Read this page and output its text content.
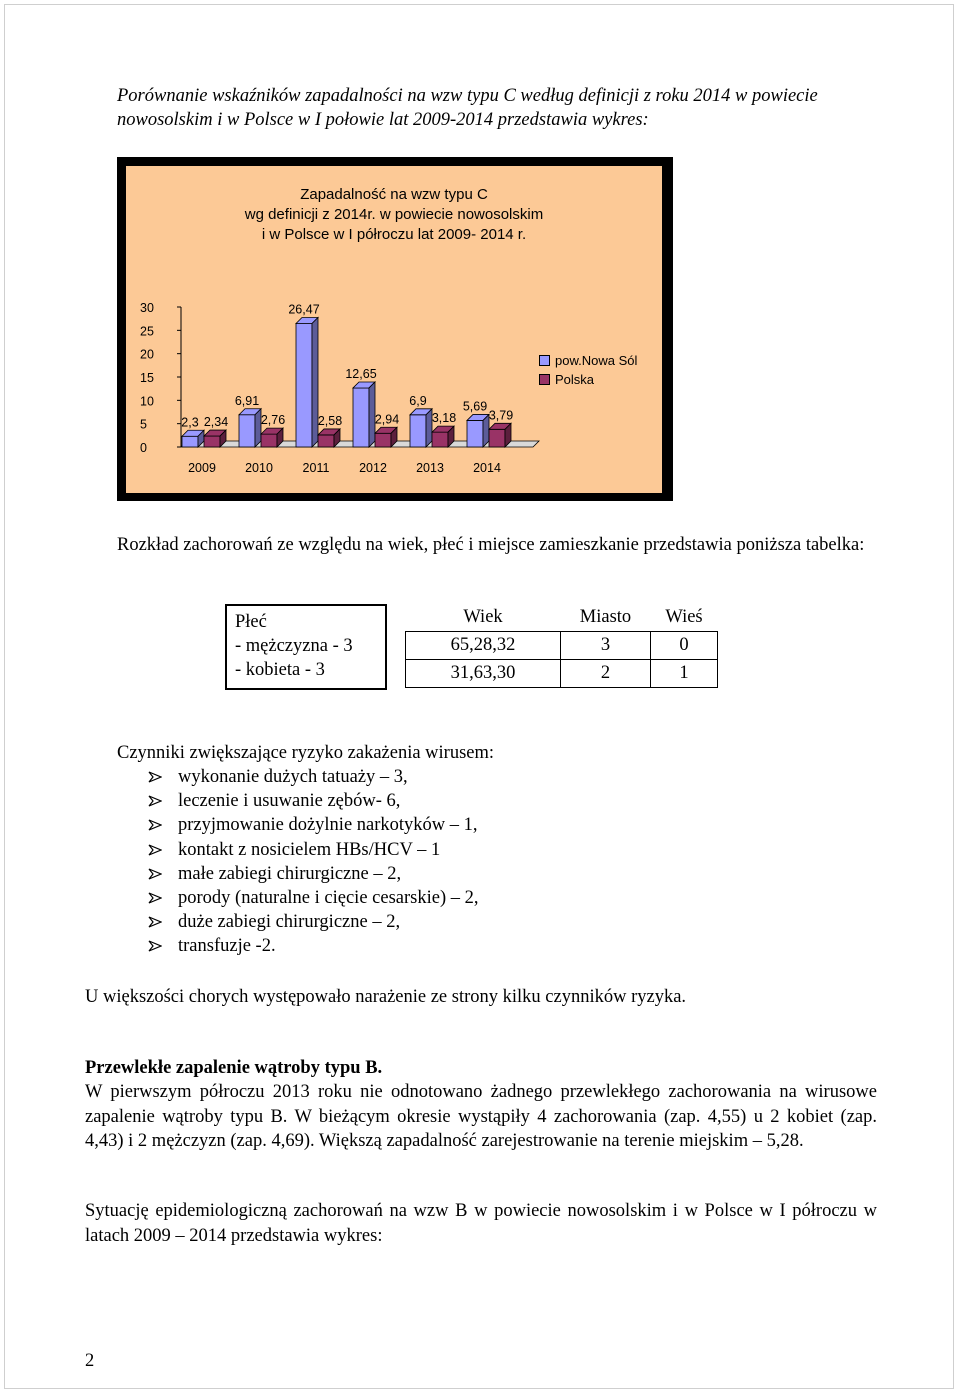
Porównanie wskaźników zapadalności na wzw typu C według definicji z roku 2014 w powiecie nowosolskim i w Polsce w I połowie lat 2009-2014 przedstawia wykres:
Zapadalność na wzw typu C
wg definicji z 2014r. w powiecie nowosolskim
i w Polsce w I półroczu lat 2009- 2014 r.
30
25
20
15
10
5
0
2009
2,3 2,34
2010
6,91
2,76
2011
26,47
2,58
2012
12,65
2,94
2013
6,9
3,18
2014
5,69
3,79
pow.Nowa Sól
Polska
Rozkład zachorowań ze względu na wiek, płeć i miejsce zamieszkanie przedstawia poniższa tabelka:
Płeć
- mężczyzna - 3
- kobieta - 3
Wiek	Miasto	Wieś
65,28,32	3	0
31,63,30	2	1
Czynniki zwiększające ryzyko zakażenia wirusem:
wykonanie dużych tatuaży – 3,
leczenie i usuwanie zębów- 6,
przyjmowanie dożylnie narkotyków – 1,
kontakt z nosicielem HBs/HCV – 1
małe zabiegi chirurgiczne – 2,
porody (naturalne i cięcie cesarskie) – 2,
duże zabiegi chirurgiczne – 2,
transfuzje -2.
U większości chorych występowało narażenie ze strony kilku czynników ryzyka.
Przewlekłe zapalenie wątroby typu B.
W pierwszym półroczu 2013 roku nie odnotowano żadnego przewlekłego zachorowania na wirusowe zapalenie wątroby typu B. W bieżącym okresie wystąpiły 4 zachorowania (zap. 4,55) u 2 kobiet (zap. 4,43) i 2 mężczyzn (zap. 4,69). Większą zapadalność zarejestrowanie na terenie miejskim – 5,28.
Sytuację epidemiologiczną zachorowań na wzw B w powiecie nowosolskim i w Polsce w I półroczu w latach 2009 – 2014 przedstawia wykres:
2
